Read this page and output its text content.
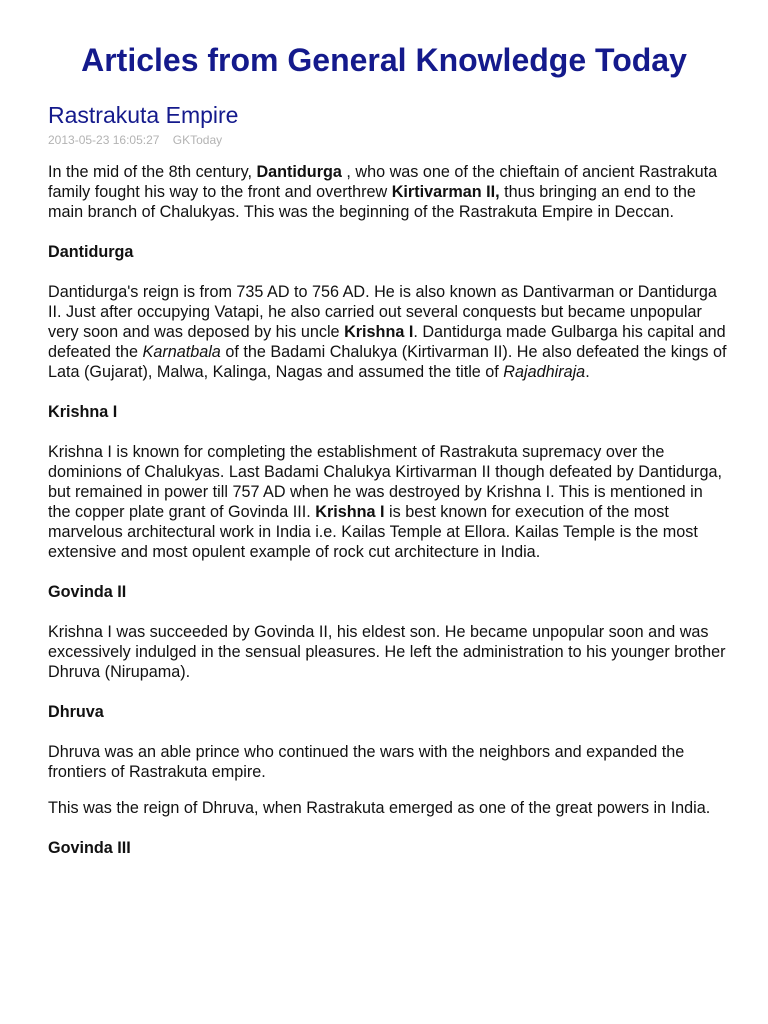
Articles from General Knowledge Today
Rastrakuta Empire
2013-05-23 16:05:27 GKToday

In the mid of the 8th century, Dantidurga , who was one of the chieftain of ancient Rastrakuta family fought his way to the front and overthrew Kirtivarman II, thus bringing an end to the main branch of Chalukyas. This was the beginning of the Rastrakuta Empire in Deccan.

Dantidurga

Dantidurga's reign is from 735 AD to 756 AD. He is also known as Dantivarman or Dantidurga II. Just after occupying Vatapi, he also carried out several conquests but became unpopular very soon and was deposed by his uncle Krishna I. Dantidurga made Gulbarga his capital and defeated the Karnatbala of the Badami Chalukya (Kirtivarman II). He also defeated the kings of Lata (Gujarat), Malwa, Kalinga, Nagas and assumed the title of Rajadhiraja.

Krishna I

Krishna I is known for completing the establishment of Rastrakuta supremacy over the dominions of Chalukyas. Last Badami Chalukya Kirtivarman II though defeated by Dantidurga, but remained in power till 757 AD when he was destroyed by Krishna I. This is mentioned in the copper plate grant of Govinda III. Krishna I is best known for execution of the most marvelous architectural work in India i.e. Kailas Temple at Ellora. Kailas Temple is the most extensive and most opulent example of rock cut architecture in India.

Govinda II

Krishna I was succeeded by Govinda II, his eldest son. He became unpopular soon and was excessively indulged in the sensual pleasures. He left the administration to his younger brother Dhruva (Nirupama).

Dhruva

Dhruva was an able prince who continued the wars with the neighbors and expanded the frontiers of Rastrakuta empire.

This was the reign of Dhruva, when Rastrakuta emerged as one of the great powers in India.

Govinda III
